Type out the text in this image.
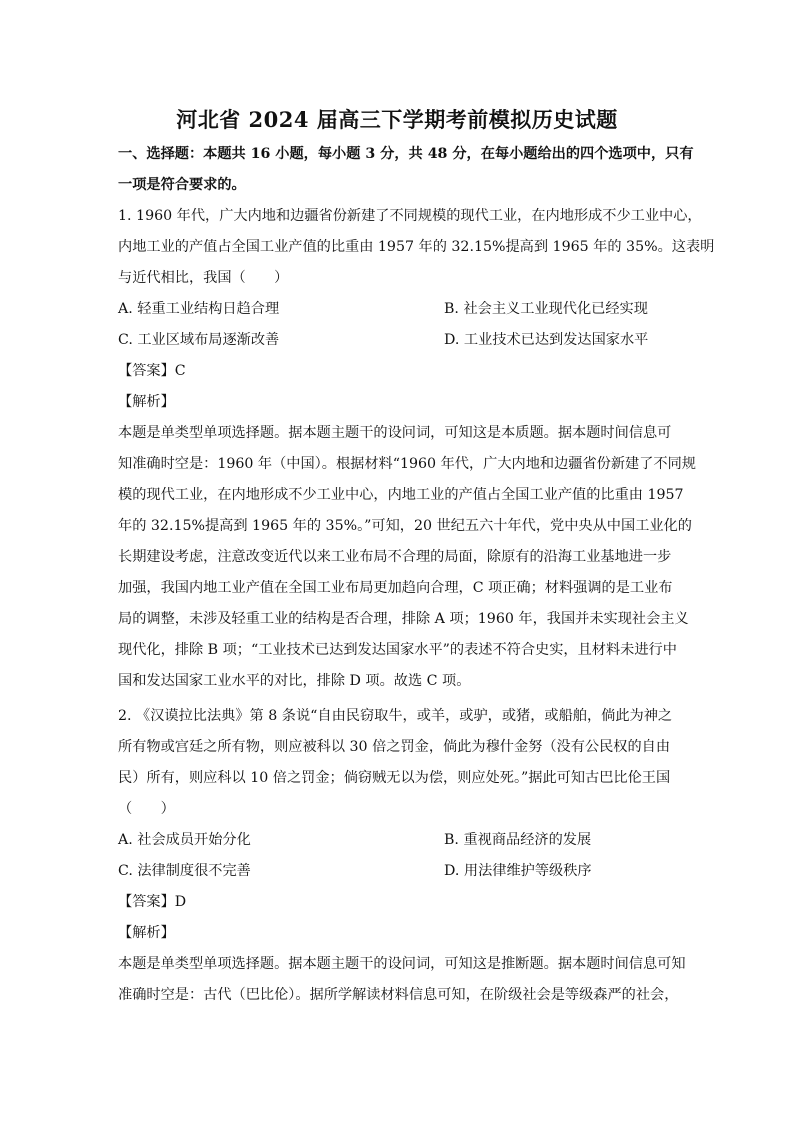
河北省 2024 届高三下学期考前模拟历史试题
一、选择题：本题共 16 小题，每小题 3 分，共 48 分，在每小题给出的四个选项中，只有
一项是符合要求的。
1. 1960 年代，广大内地和边疆省份新建了不同规模的现代工业，在内地形成不少工业中心，
内地工业的产值占全国工业产值的比重由 1957 年的 32.15%提高到 1965 年的 35%。这表明
与近代相比，我国（　　）
A. 轻重工业结构日趋合理	B. 社会主义工业现代化已经实现
C. 工业区域布局逐渐改善	D. 工业技术已达到发达国家水平
【答案】C
【解析】
本题是单类型单项选择题。据本题主题干的设问词，可知这是本质题。据本题时间信息可
知准确时空是：1960 年（中国）。根据材料“1960 年代，广大内地和边疆省份新建了不同规
模的现代工业，在内地形成不少工业中心，内地工业的产值占全国工业产值的比重由 1957
年的 32.15%提高到 1965 年的 35%。”可知，20 世纪五六十年代，党中央从中国工业化的
长期建设考虑，注意改变近代以来工业布局不合理的局面，除原有的沿海工业基地进一步
加强，我国内地工业产值在全国工业布局更加趋向合理，C 项正确；材料强调的是工业布
局的调整，未涉及轻重工业的结构是否合理，排除 A 项；1960 年，我国并未实现社会主义
现代化，排除 B 项；“工业技术已达到发达国家水平”的表述不符合史实，且材料未进行中
国和发达国家工业水平的对比，排除 D 项。故选 C 项。
2. 《汉谟拉比法典》第 8 条说“自由民窃取牛，或羊，或驴，或猪，或船舶，倘此为神之
所有物或宫廷之所有物，则应被科以 30 倍之罚金，倘此为穆什金努（没有公民权的自由
民）所有，则应科以 10 倍之罚金；倘窃贼无以为偿，则应处死。”据此可知古巴比伦王国
（　　）
A. 社会成员开始分化	B. 重视商品经济的发展
C. 法律制度很不完善	D. 用法律维护等级秩序
【答案】D
【解析】
本题是单类型单项选择题。据本题主题干的设问词，可知这是推断题。据本题时间信息可知
准确时空是：古代（巴比伦）。据所学解读材料信息可知，在阶级社会是等级森严的社会，
